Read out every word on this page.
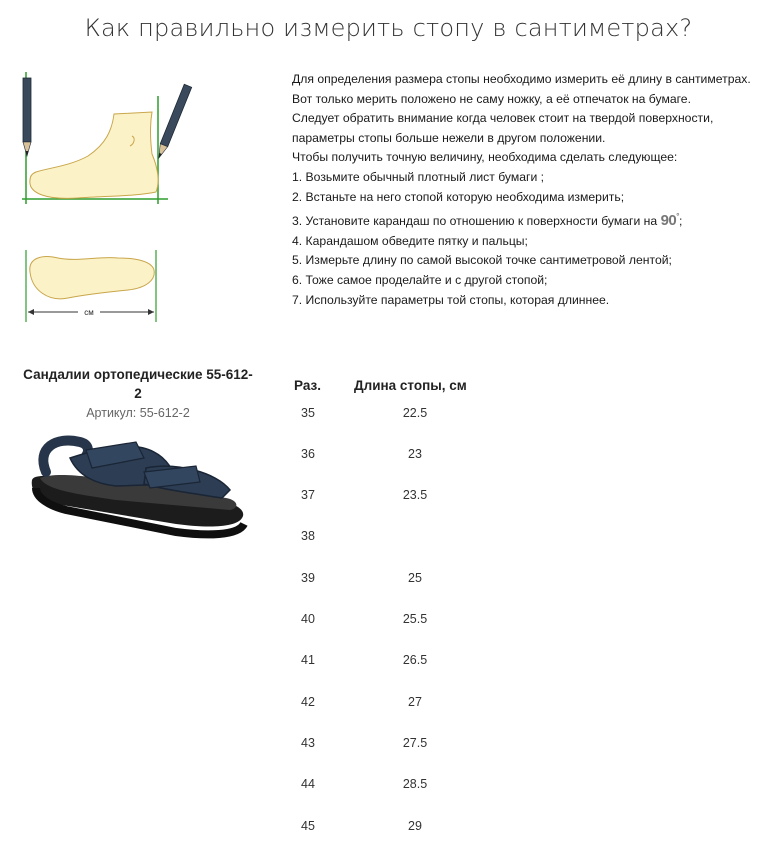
Как правильно измерить стопу в сантиметрах?
см

Для определения размера стопы необходимо измерить её длину в сантиметрах. Вот только мерить положено не саму ножку, а её отпечаток на бумаге.

Следует обратить внимание когда человек стоит на твердой поверхности, параметры стопы больше нежели в другом положении.

Чтобы получить точную величину, необходима сделать следующее:

1. Возьмите обычный плотный лист бумаги ;
2. Встаньте на него стопой которую необходима измерить;
3. Установите карандаш по отношению к поверхности бумаги на 90°;
4. Карандашом обведите пятку и пальцы;
5. Измерьте длину по самой высокой точке сантиметровой лентой;
6. Тоже самое проделайте и с другой стопой;
7. Используйте параметры той стопы, которая длиннее.
Сандалии ортопедические 55-612-2
Артикул: 55-612-2
Раз. Длина стопы, см
35	22.5
36	23
37	23.5
38
39	25
40	25.5
41	26.5
42	27
43	27.5
44	28.5
45	29
